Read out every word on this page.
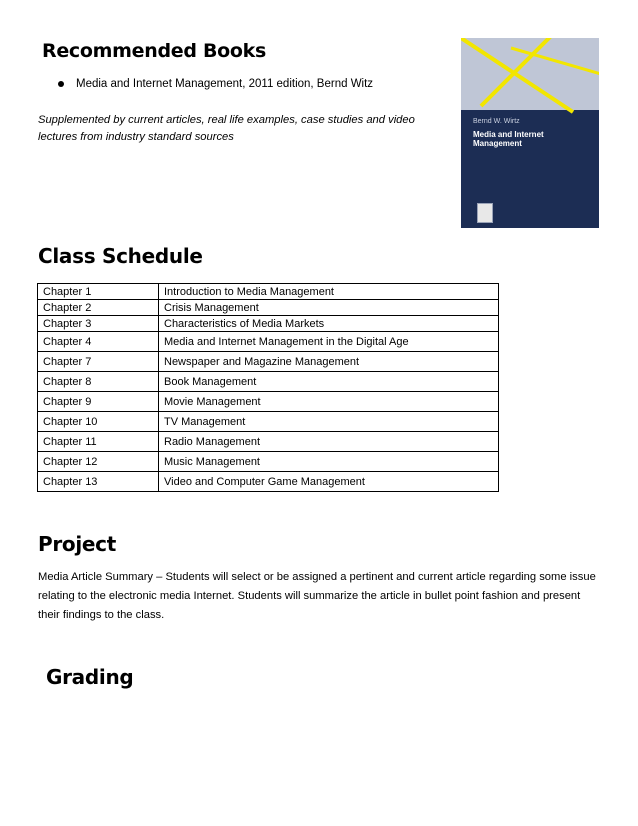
Recommended Books
Media and Internet Management, 2011 edition, Bernd Witz

Supplemented by current articles, real life examples, case studies and video lectures from industry standard sources

Bernd W. Wirtz
Media and Internet Management
Class Schedule
Chapter 1	Introduction to Media Management
Chapter 2	Crisis Management
Chapter 3	Characteristics of Media Markets
Chapter 4	Media and Internet Management in the Digital Age
Chapter 7	Newspaper and Magazine Management
Chapter 8	Book Management
Chapter 9	Movie Management
Chapter 10	TV Management
Chapter 11	Radio Management
Chapter 12	Music Management
Chapter 13	Video and Computer Game Management
Project

Media Article Summary – Students will select or be assigned a pertinent and current article regarding some issue relating to the electronic media Internet. Students will summarize the article in bullet point fashion and present their findings to the class.

Grading
